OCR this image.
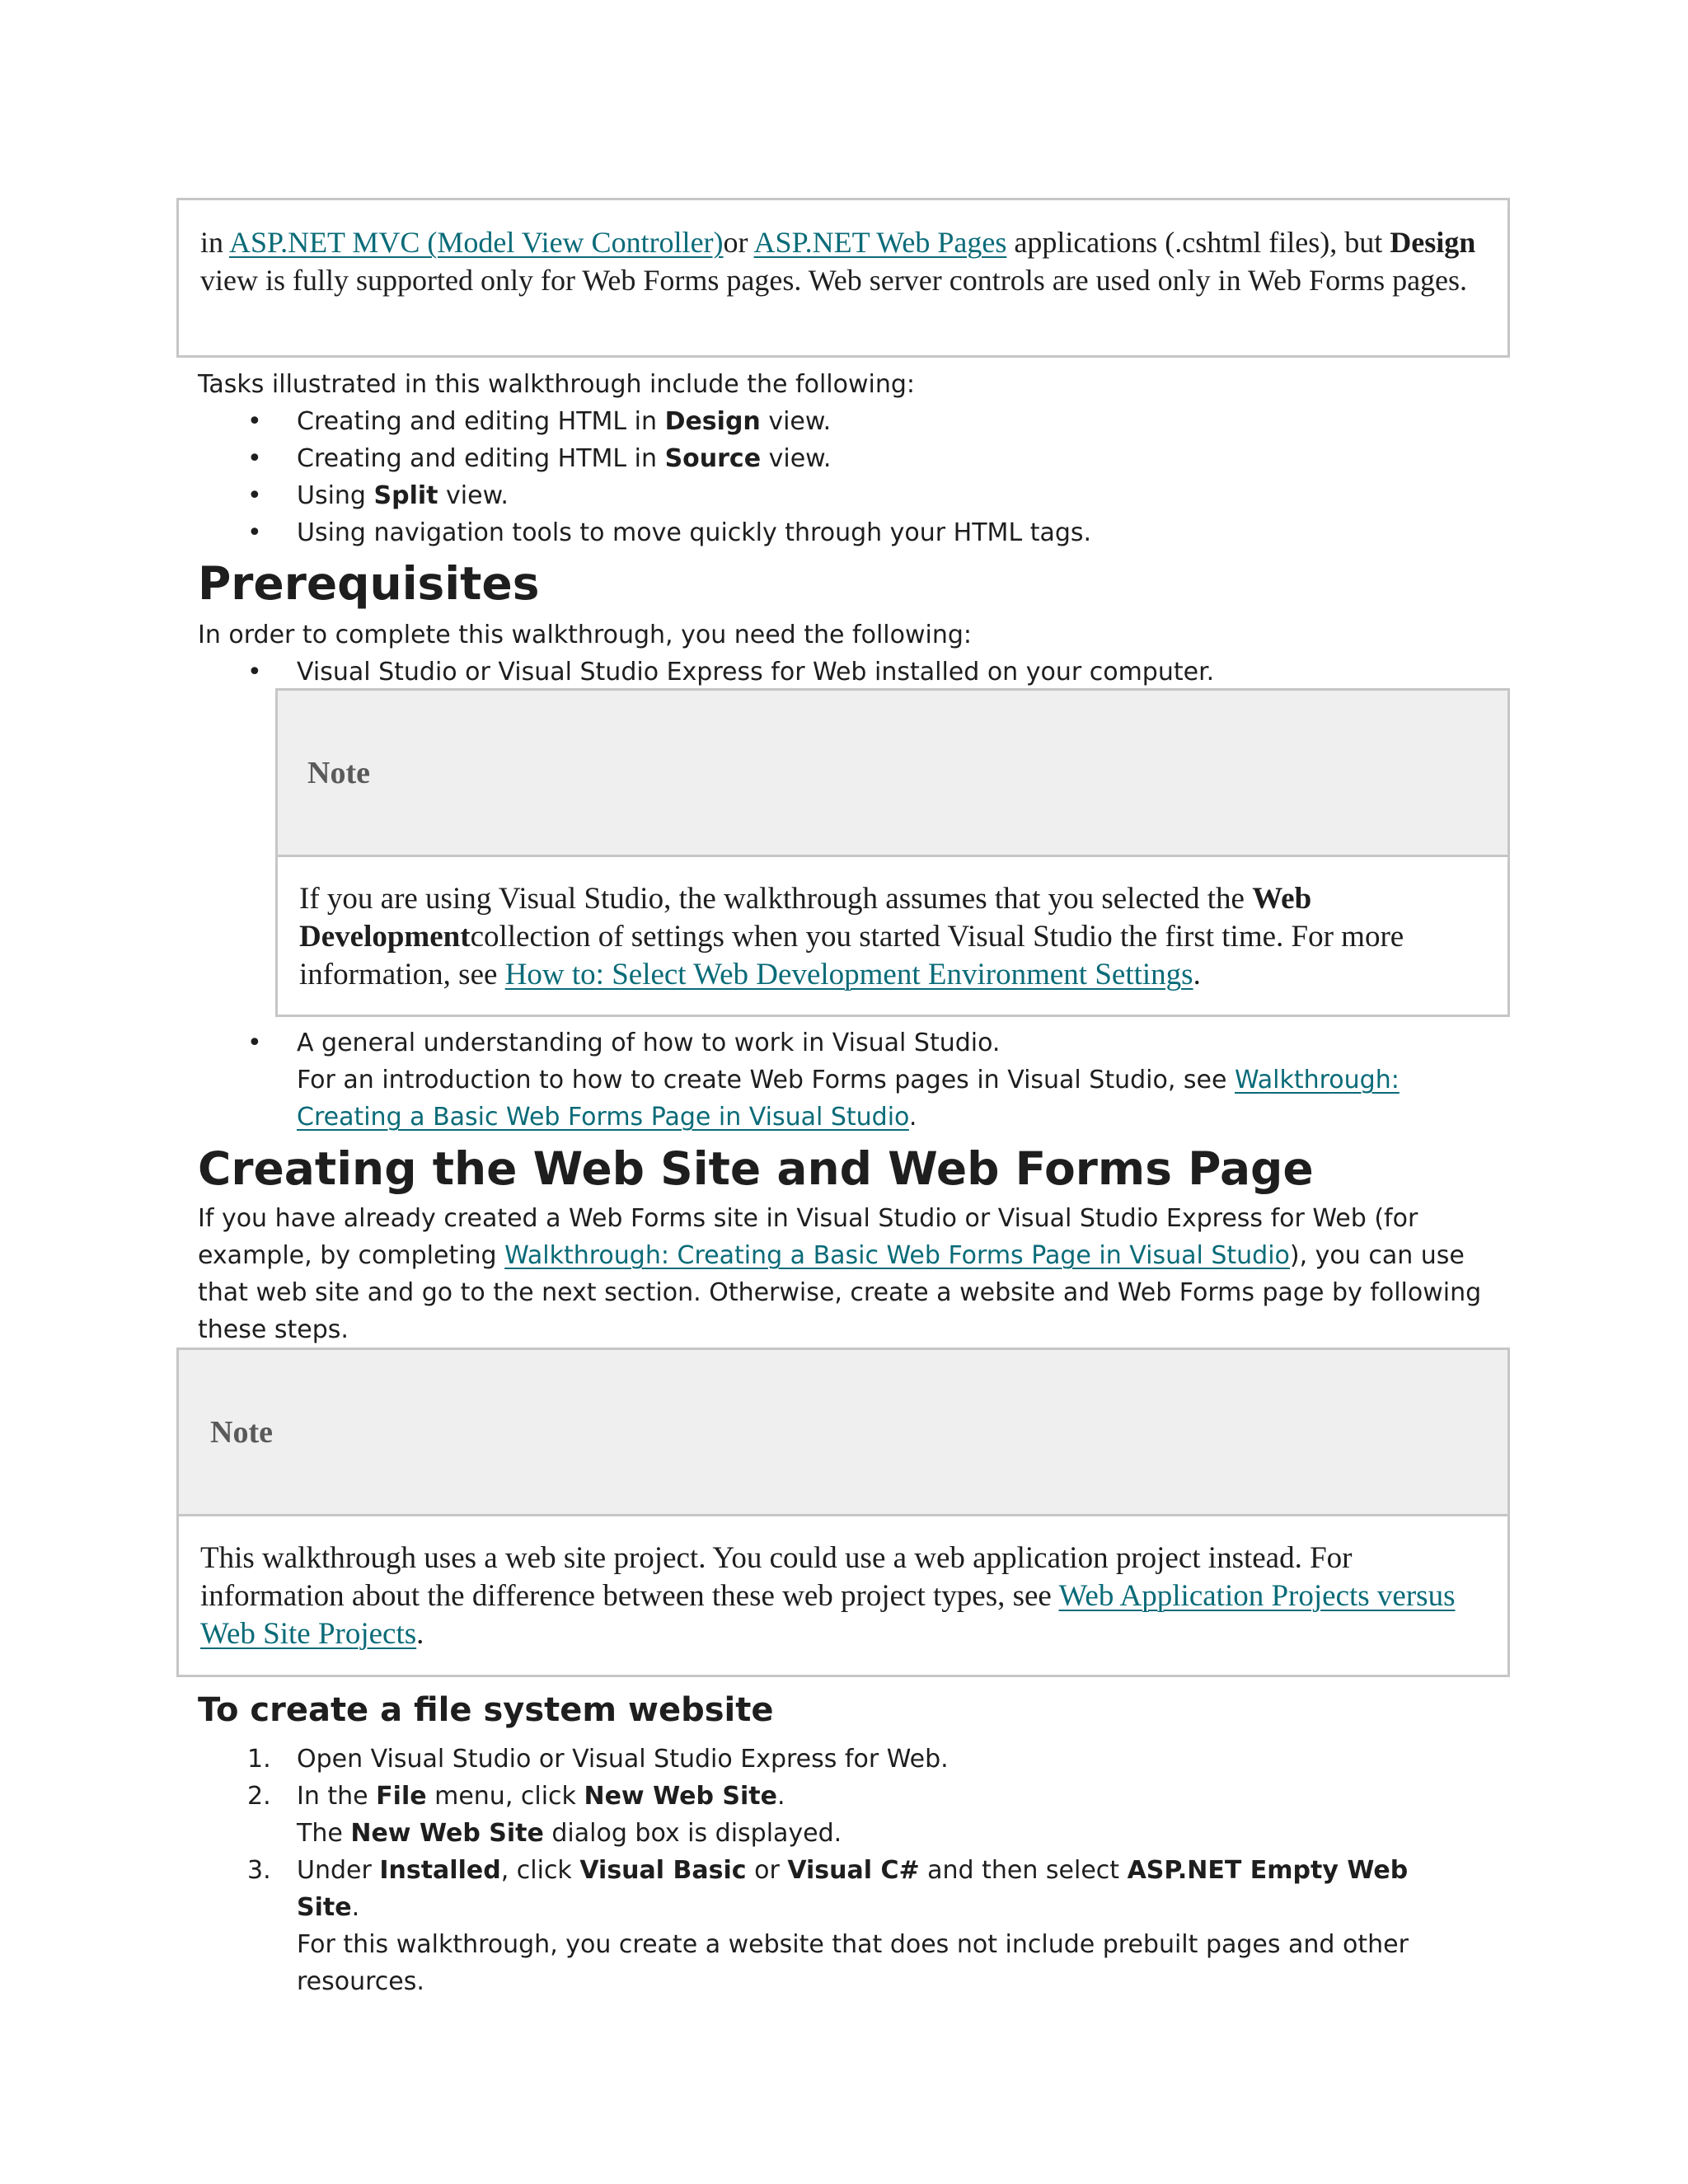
in ASP.NET MVC (Model View Controller)or ASP.NET Web Pages applications (.cshtml files), but Design view is fully supported only for Web Forms pages. Web server controls are used only in Web Forms pages.
Tasks illustrated in this walkthrough include the following:
• Creating and editing HTML in Design view.
• Creating and editing HTML in Source view.
• Using Split view.
• Using navigation tools to move quickly through your HTML tags.
Prerequisites
In order to complete this walkthrough, you need the following:
• Visual Studio or Visual Studio Express for Web installed on your computer.
Note
If you are using Visual Studio, the walkthrough assumes that you selected the Web Developmentcollection of settings when you started Visual Studio the first time. For more information, see How to: Select Web Development Environment Settings.
• A general understanding of how to work in Visual Studio.
For an introduction to how to create Web Forms pages in Visual Studio, see Walkthrough: Creating a Basic Web Forms Page in Visual Studio.
Creating the Web Site and Web Forms Page
If you have already created a Web Forms site in Visual Studio or Visual Studio Express for Web (for example, by completing Walkthrough: Creating a Basic Web Forms Page in Visual Studio), you can use that web site and go to the next section. Otherwise, create a website and Web Forms page by following these steps.
Note
This walkthrough uses a web site project. You could use a web application project instead. For information about the difference between these web project types, see Web Application Projects versus Web Site Projects.
To create a file system website
1. Open Visual Studio or Visual Studio Express for Web.
2. In the File menu, click New Web Site.
The New Web Site dialog box is displayed.
3. Under Installed, click Visual Basic or Visual C# and then select ASP.NET Empty Web Site.
For this walkthrough, you create a website that does not include prebuilt pages and other resources.
